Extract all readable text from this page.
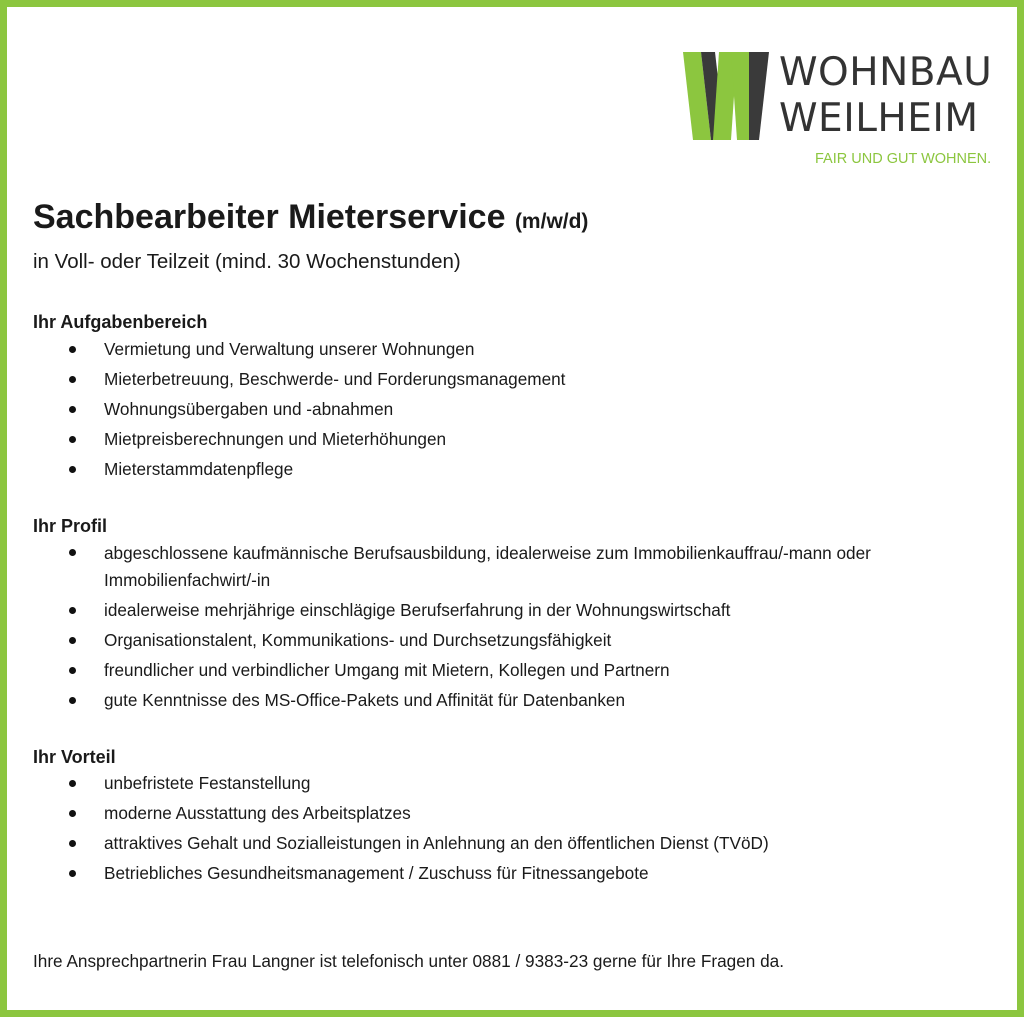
WOHNBAU
WEILHEIM
FAIR UND GUT WOHNEN.
Sachbearbeiter Mieterservice (m/w/d)
in Voll- oder Teilzeit (mind. 30 Wochenstunden)
Ihr Aufgabenbereich
Vermietung und Verwaltung unserer Wohnungen
Mieterbetreuung, Beschwerde- und Forderungsmanagement
Wohnungsübergaben und -abnahmen
Mietpreisberechnungen und Mieterhöhungen
Mieterstammdatenpflege
Ihr Profil
abgeschlossene kaufmännische Berufsausbildung, idealerweise zum Immobilienkauffrau/-mann oder Immobilienfachwirt/-in
idealerweise mehrjährige einschlägige Berufserfahrung in der Wohnungswirtschaft
Organisationstalent, Kommunikations- und Durchsetzungsfähigkeit
freundlicher und verbindlicher Umgang mit Mietern, Kollegen und Partnern
gute Kenntnisse des MS-Office-Pakets und Affinität für Datenbanken
Ihr Vorteil
unbefristete Festanstellung
moderne Ausstattung des Arbeitsplatzes
attraktives Gehalt und Sozialleistungen in Anlehnung an den öffentlichen Dienst (TVöD)
Betriebliches Gesundheitsmanagement / Zuschuss für Fitnessangebote
Ihre Ansprechpartnerin Frau Langner ist telefonisch unter 0881 / 9383-23 gerne für Ihre Fragen da.
